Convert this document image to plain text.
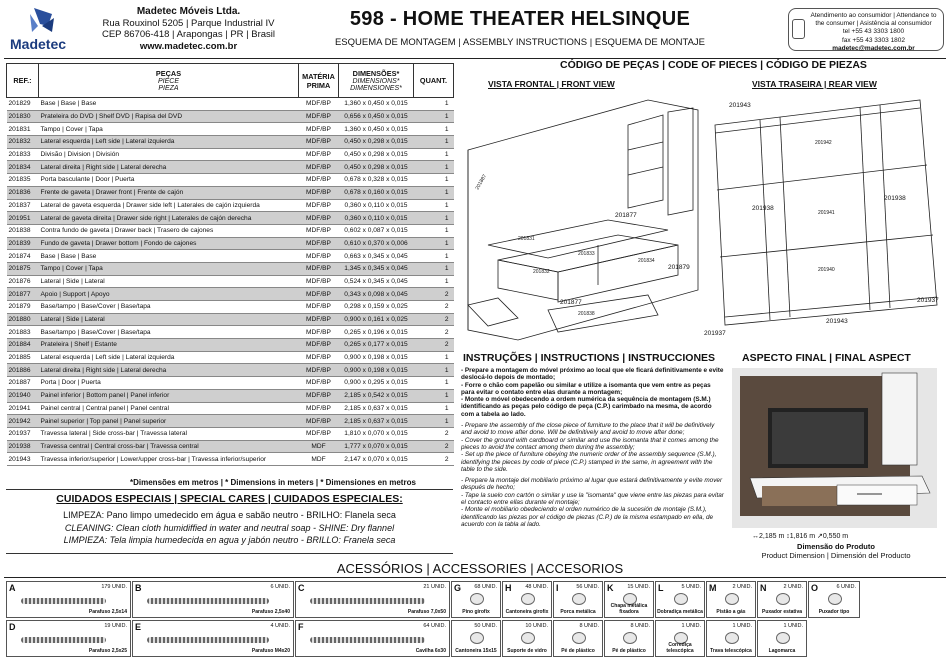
Madetec
Madetec Móveis Ltda.
Rua Rouxinol 5205 | Parque Industrial IV
CEP 86706-418 | Arapongas | PR | Brasil
www.madetec.com.br
598 - HOME THEATER HELSINQUE
ESQUEMA DE MONTAGEM | ASSEMBLY INSTRUCTIONS | ESQUEMA DE MONTAJE
Atendimento ao consumidor | Attendance to
the consumer | Asistência al consumidor
tel +55 43 3303 1800
fax +55 43 3303 1802
madetec@madetec.com.br
REF.:	PEÇAS
PIECE
PIEZA	MATÉRIA PRIMA	DIMENSÕES*
DIMENSIONS*
DIMENSIONES*	QUANT.
201829	Base | Base | Base	MDF/BP	1,360 x 0,450 x 0,015	1
201830	Prateleira do DVD | Shelf DVD | Rapisa del DVD	MDF/BP	0,656 x 0,450 x 0,015	1
201831	Tampo | Cover | Tapa	MDF/BP	1,360 x 0,450 x 0,015	1
201832	Lateral esquerda | Left side | Lateral izquierda	MDF/BP	0,450 x 0,298 x 0,015	1
201833	Divisão | Division | División	MDF/BP	0,450 x 0,298 x 0,015	1
201834	Lateral direita | Right side | Lateral derecha	MDF/BP	0,450 x 0,298 x 0,015	1
201835	Porta basculante | Door | Puerta	MDF/BP	0,678 x 0,328 x 0,015	1
201836	Frente de gaveta | Drawer front | Frente de cajón	MDF/BP	0,678 x 0,160 x 0,015	1
201837	Lateral de gaveta esquerda | Drawer side left | Laterales de cajón izquierda	MDF/BP	0,360 x 0,110 x 0,015	1
201951	Lateral de gaveta direita | Drawer side right | Laterales de cajón derecha	MDF/BP	0,360 x 0,110 x 0,015	1
201838	Contra fundo de gaveta | Drawer back | Trasero de cajones	MDF/BP	0,602 x 0,087 x 0,015	1
201839	Fundo de gaveta | Drawer bottom | Fondo de cajones	MDF/BP	0,610 x 0,370 x 0,006	1
201874	Base | Base | Base	MDF/BP	0,663 x 0,345 x 0,045	1
201875	Tampo | Cover | Tapa	MDF/BP	1,345 x 0,345 x 0,045	1
201876	Lateral | Side | Lateral	MDF/BP	0,524 x 0,345 x 0,045	1
201877	Apoio | Support | Apoyo	MDF/BP	0,343 x 0,098 x 0,045	2
201879	Base/tampo | Base/Cover | Base/tapa	MDF/BP	0,298 x 0,159 x 0,025	2
201880	Lateral | Side | Lateral	MDF/BP	0,900 x 0,161 x 0,025	2
201883	Base/tampo | Base/Cover | Base/tapa	MDF/BP	0,265 x 0,196 x 0,015	2
201884	Prateleira | Shelf | Estante	MDF/BP	0,265 x 0,177 x 0,015	2
201885	Lateral esquerda | Left side | Lateral izquierda	MDF/BP	0,900 x 0,198 x 0,015	1
201886	Lateral direita | Right side | Lateral derecha	MDF/BP	0,900 x 0,198 x 0,015	1
201887	Porta | Door | Puerta	MDF/BP	0,900 x 0,295 x 0,015	1
201940	Painel inferior | Bottom panel | Panel inferior	MDF/BP	2,185 x 0,542 x 0,015	1
201941	Painel central | Central panel | Panel central	MDF/BP	2,185 x 0,637 x 0,015	1
201942	Painel superior | Top panel | Panel superior	MDF/BP	2,185 x 0,637 x 0,015	1
201937	Travessa lateral | Side cross-bar | Travessa lateral	MDF/BP	1,810 x 0,070 x 0,015	2
201938	Travessa central | Central cross-bar | Travessa central	MDF	1,777 x 0,070 x 0,015	2
201943	Travessa inferior/superior | Lower/upper cross-bar | Travessa inferior/superior	MDF	2,147 x 0,070 x 0,015	2
*Dimensões em metros | * Dimensions in meters | * Dimensiones en metros
CUIDADOS ESPECIAIS | SPECIAL CARES | CUIDADOS ESPECIALES:
LIMPEZA: Pano limpo umedecido em água e sabão neutro - BRILHO: Flanela seca
CLEANING: Clean cloth humidiffied in water and neutral soap - SHINE: Dry flannel
LIMPIEZA: Tela limpia humedecida en agua y jabón neutro - BRILLO: Franela seca
CÓDIGO DE PEÇAS | CODE OF PIECES | CÓDIGO DE PIEZAS
VISTA FRONTAL | FRONT VIEW	VISTA TRASEIRA | REAR VIEW
201887
201831
201832
201833
201834
201838
201877
201879
201877
201943
201942
201938
201941
201938
201940
201943
201937
201937
INSTRUÇÕES | INSTRUCTIONS | INSTRUCCIONES
- Prepare a montagem do móvel próximo ao local que ele ficará definitivamente e evite deslocá-lo depois de montado;
- Forre o chão com papelão ou similar e utilize a isomanta que vem entre as peças para evitar o contato entre elas durante a montagem;
- Monte o móvel obedecendo a ordem numérica da sequência de montagem (S.M.) identificando as peças pelo código de peça (C.P.) carimbado na mesma, de acordo com a tabela ao lado.
- Prepare the assembly of the close piece of furniture to the place that it will be definitively and avoid to move after done. Will be definitively and avoid to move after done;
- Cover the ground with cardboard or similar and use the isomanta that it comes among the pieces to avoid the contact among them during the assembly;
- Set up the piece of furniture obeying the numeric order of the assembly sequence (S.M.), identifying the pieces by code of piece (C.P.) stamped in the same, in agreement with the table to the side.
- Prepare la montaje del mobiliario próximo al lugar que estará definitivamente y evite mover después de hecho;
- Tape la suelo con cartón o similar y use la "isomanta" que viene entre las piezas para evitar el contacto entre ellas durante el montaje;
- Monte el mobiliario obedeciendo el orden numérico de la sucesión de montaje (S.M.), identificando las piezas por el código de piezas (C.P.) de la misma estampado en ella, de acuerdo con la tabla al lado.
ASPECTO FINAL | FINAL ASPECT
↔2,185 m ↕1,816 m ↗0,550 m
Dimensão do Produto
Product Dimension | Dimensión del Producto
ACESSÓRIOS | ACCESSORIES | ACCESORIOS
A	179 UNID.
Parafuso 2,5x14
B	6 UNID.
Parafuso 2,5x40
C	21 UNID.
Parafuso 7,0x50
G 68 UNID.
Pino girofix
H	48 UNID.
Cantoneira girofix
I	56 UNID.
Porca metálica
K	15 UNID.
Chapa metálica fixadora
L	5 UNID.
Dobradiça metálica
M	2 UNID.
Pistão a gás
N	2 UNID.
Puxador estativa
O	6 UNID.
Puxador tipo
D	19 UNID.
Parafuso 2,5x25
E	4 UNID.
Parafuso M4x20
F	64 UNID.
Cavilha 6x30
50 UNID.
Cantoneira 15x15
10 UNID.
Suporte de vidro
8 UNID.
Pé de plástico
8 UNID.
Pé de plástico
1 UNID.
Corrediça telescópica
1 UNID.
Trava telescópica
1 UNID.
Lagomarca
